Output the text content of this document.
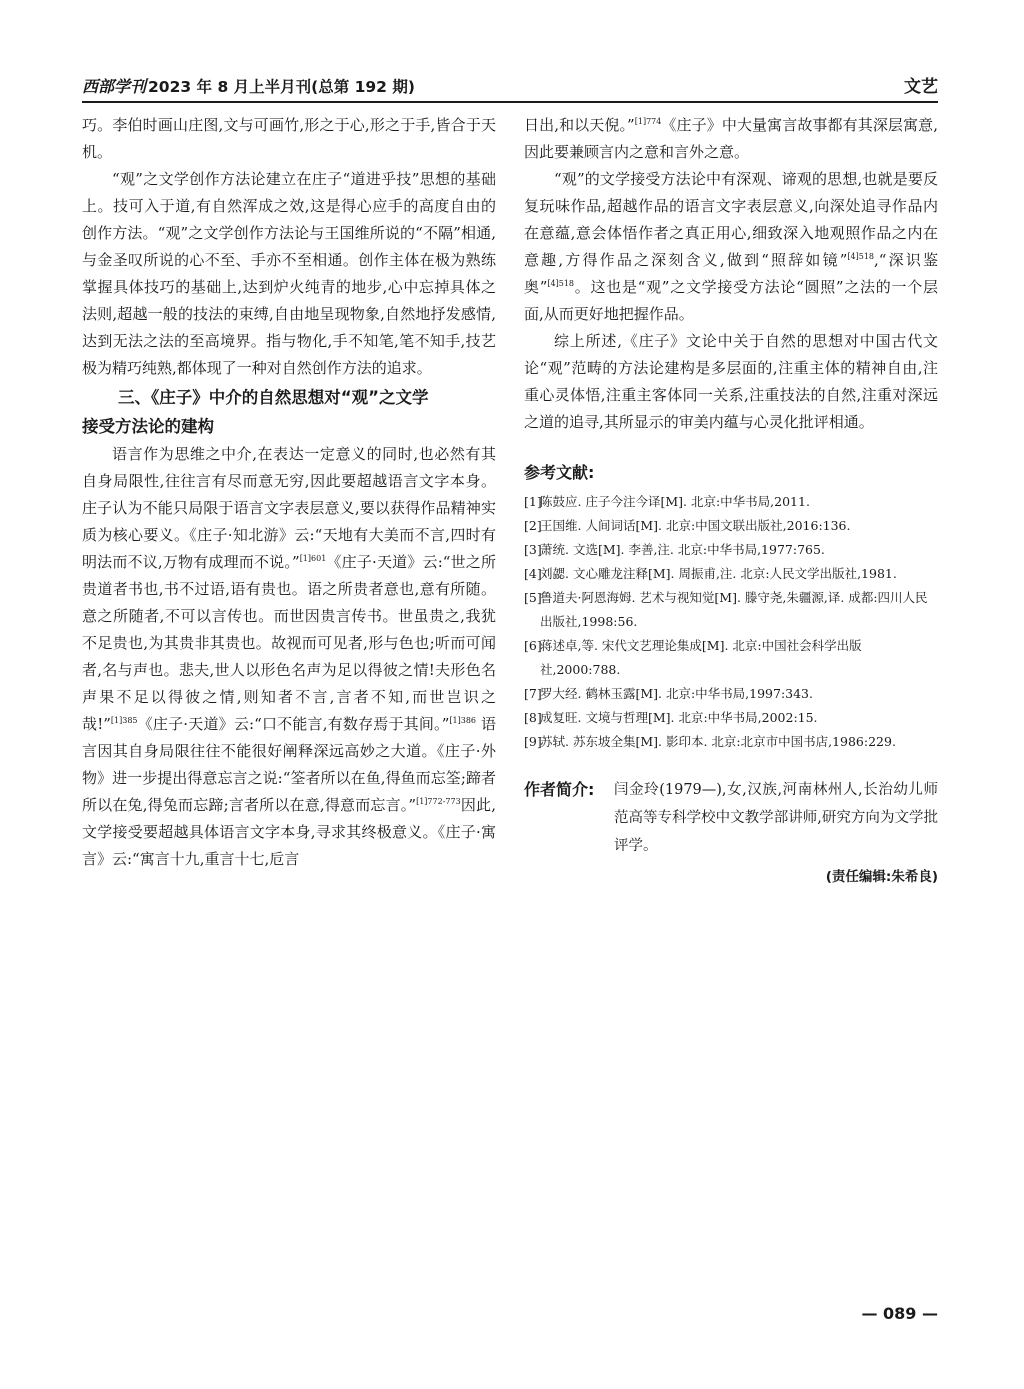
西部学刊 2023 年 8 月上半月刊(总第 192 期)	文艺

巧。李伯时画山庄图,文与可画竹,形之于心,形之于手,皆合于天机。

“观”之文学创作方法论建立在庄子“道进乎技”思想的基础上。技可入于道,有自然浑成之效,这是得心应手的高度自由的创作方法。“观”之文学创作方法论与王国维所说的“不隔”相通,与金圣叹所说的心不至、手亦不至相通。创作主体在极为熟练掌握具体技巧的基础上,达到炉火纯青的地步,心中忘掉具体之法则,超越一般的技法的束缚,自由地呈现物象,自然地抒发感情,达到无法之法的至高境界。指与物化,手不知笔,笔不知手,技艺极为精巧纯熟,都体现了一种对自然创作方法的追求。

三、《庄子》中介的自然思想对“观”之文学
接受方法论的建构

语言作为思维之中介,在表达一定意义的同时,也必然有其自身局限性,往往言有尽而意无穷,因此要超越语言文字本身。庄子认为不能只局限于语言文字表层意义,要以获得作品精神实质为核心要义。《庄子·知北游》云:“天地有大美而不言,四时有明法而不议,万物有成理而不说。”$^{[1]601}$《庄子·天道》云:“世之所贵道者书也,书不过语,语有贵也。语之所贵者意也,意有所随。意之所随者,不可以言传也。而世因贵言传书。世虽贵之,我犹不足贵也,为其贵非其贵也。故视而可见者,形与色也;听而可闻者,名与声也。悲夫,世人以形色名声为足以得彼之情!夫形色名声果不足以得彼之情,则知者不言,言者不知,而世岂识之哉!”$^{[1]385}$《庄子·天道》云:“口不能言,有数存焉于其间。”$^{[1]386}$ 语言因其自身局限往往不能很好阐释深远高妙之大道。《庄子·外物》进一步提出得意忘言之说:“筌者所以在鱼,得鱼而忘筌;蹄者所以在兔,得兔而忘蹄;言者所以在意,得意而忘言。”$^{[1]772-773}$因此,文学接受要超越具体语言文字本身,寻求其终极意义。《庄子·寓言》云:“寓言十九,重言十七,卮言

日出,和以天倪。”$^{[1]774}$《庄子》中大量寓言故事都有其深层寓意,因此要兼顾言内之意和言外之意。

“观”的文学接受方法论中有深观、谛观的思想,也就是要反复玩味作品,超越作品的语言文字表层意义,向深处追寻作品内在意蕴,意会体悟作者之真正用心,细致深入地观照作品之内在意趣,方得作品之深刻含义,做到“照辞如镜”$^{[4]518}$,“深识鉴奥”$^{[4]518}$。这也是“观”之文学接受方法论“圆照”之法的一个层面,从而更好地把握作品。

综上所述,《庄子》文论中关于自然的思想对中国古代文论“观”范畴的方法论建构是多层面的,注重主体的精神自由,注重心灵体悟,注重主客体同一关系,注重技法的自然,注重对深远之道的追寻,其所显示的审美内蕴与心灵化批评相通。

参考文献:
[1]
陈鼓应. 庄子今注今译[M]. 北京:中华书局,2011.
[2]
王国维. 人间词话[M]. 北京:中国文联出版社,2016:136.
[3]
萧统. 文选[M]. 李善,注. 北京:中华书局,1977:765.
[4]
刘勰. 文心雕龙注释[M]. 周振甫,注. 北京:人民文学出版社,1981.
[5]
鲁道夫·阿恩海姆. 艺术与视知觉[M]. 滕守尧,朱疆源,译. 成都:四川人民出版社,1998:56.
[6]
蒋述卓,等. 宋代文艺理论集成[M]. 北京:中国社会科学出版社,2000:788.
[7]
罗大经. 鹤林玉露[M]. 北京:中华书局,1997:343.
[8]
成复旺. 文境与哲理[M]. 北京:中华书局,2002:15.
[9]
苏轼. 苏东坡全集[M]. 影印本. 北京:北京市中国书店,1986:229.
作者简介: 闫金玲(1979—),女,汉族,河南林州人,长治幼儿师范高等专科学校中文教学部讲师,研究方向为文学批评学。
(责任编辑:朱希良)
— 089 —
